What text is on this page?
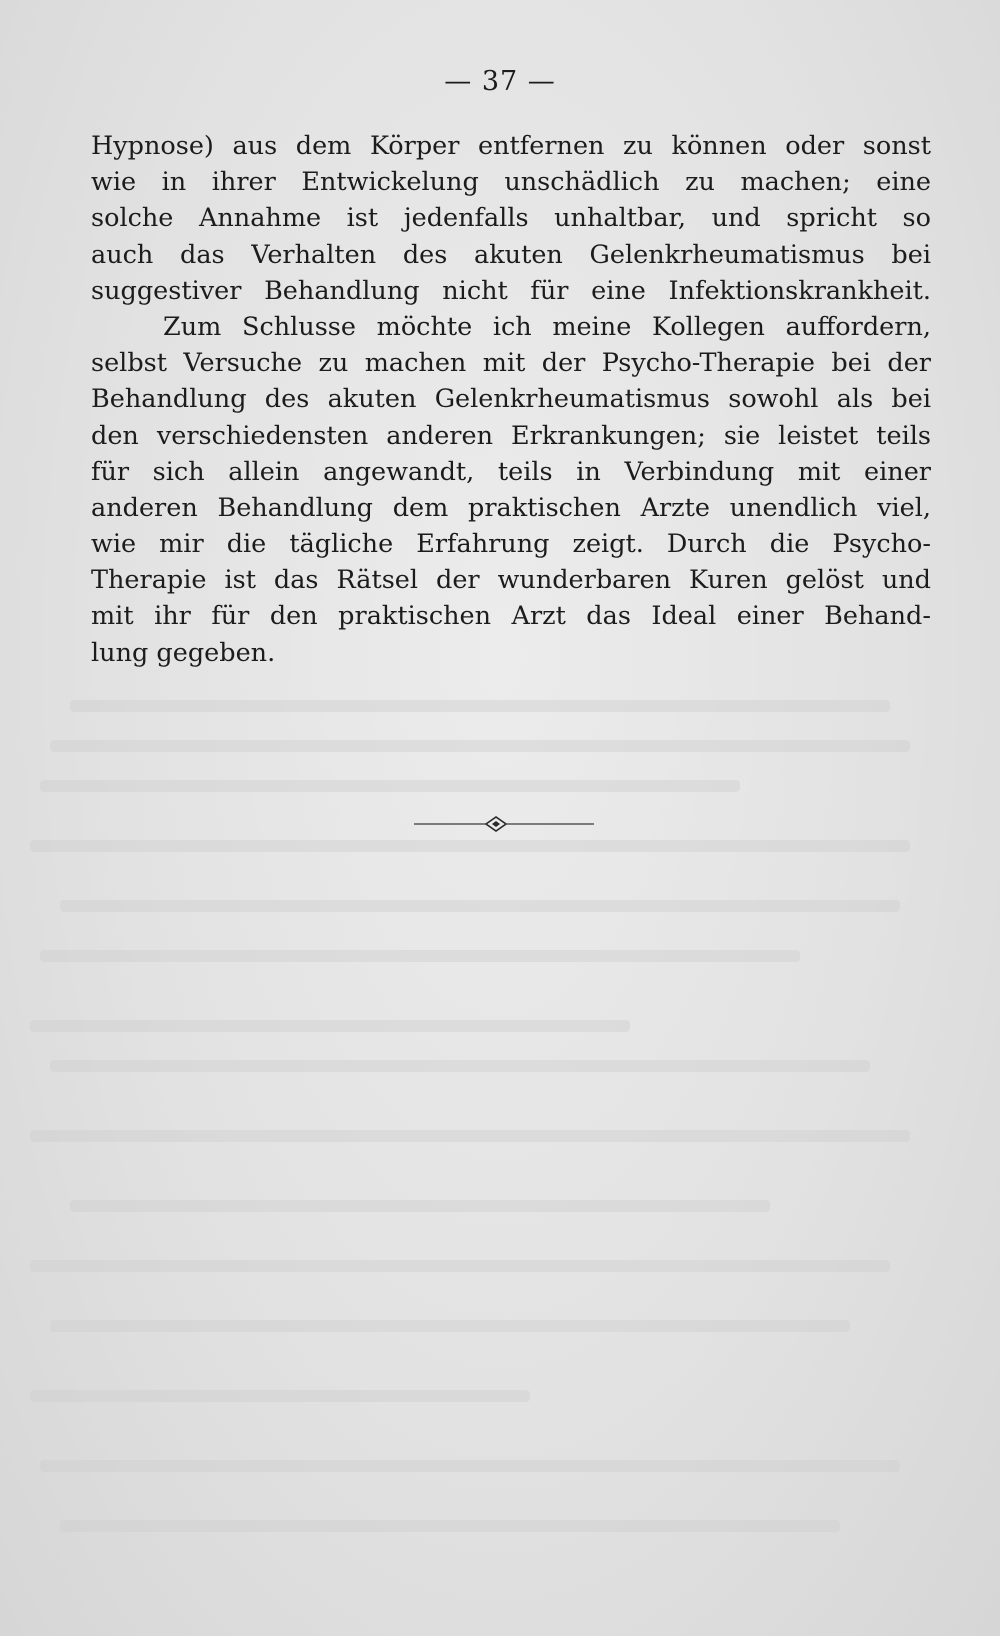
— 37 —
Hypnose) aus dem Körper entfernen zu können oder sonst
wie in ihrer Entwickelung unschädlich zu machen; eine
solche Annahme ist jedenfalls unhaltbar, und spricht so
auch das Verhalten des akuten Gelenkrheumatismus bei
suggestiver Behandlung nicht für eine Infektionskrankheit.
Zum Schlusse möchte ich meine Kollegen auffordern,
selbst Versuche zu machen mit der Psycho-Therapie bei der
Behandlung des akuten Gelenkrheumatismus sowohl als bei
den verschiedensten anderen Erkrankungen; sie leistet teils
für sich allein angewandt, teils in Verbindung mit einer
anderen Behandlung dem praktischen Arzte unendlich viel,
wie mir die tägliche Erfahrung zeigt. Durch die Psycho-
Therapie ist das Rätsel der wunderbaren Kuren gelöst und
mit ihr für den praktischen Arzt das Ideal einer Behand-
lung gegeben.
